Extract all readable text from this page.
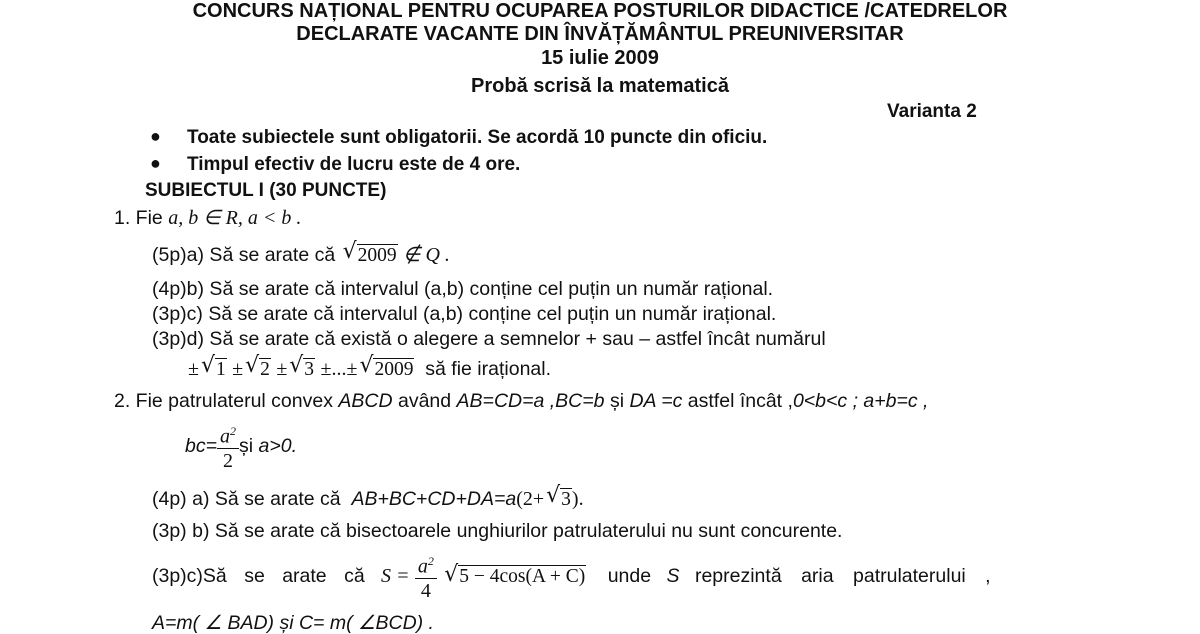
CONCURS NAȚIONAL PENTRU OCUPAREA POSTURILOR DIDACTICE /CATEDRELOR
DECLARATE VACANTE DIN ÎNVĂȚĂMÂNTUL PREUNIVERSITAR
15 iulie 2009
Probă scrisă la matematică
Varianta 2
● Toate subiectele sunt obligatorii. Se acordă 10 puncte din oficiu.
● Timpul efectiv de lucru este de 4 ore.
SUBIECTUL I (30 PUNCTE)
1. Fie a, b ∈ R, a < b .
(5p)a) Să se arate că √ 2009 ∉ Q .
(4p)b) Să se arate că intervalul (a,b) conține cel puțin un număr rațional.
(3p)c) Să se arate că intervalul (a,b) conține cel puțin un număr irațional.
(3p)d) Să se arate că există o alegere a semnelor + sau – astfel încât numărul
± √ 1 ± √ 2 ± √ 3 ±...± √ 2009 să fie irațional.
2. Fie patrulaterul convex ABCD având AB=CD=a ,BC=b și DA =c astfel încât ,0<b<c ; a+b=c ,
$bc= \frac{a^2}{2}$ și a>0.
(4p) a) Să se arate că AB+BC+CD+DA=a(2+ √ 3).
(3p) b) Să se arate că bisectoarele unghiurilor patrulaterului nu sunt concurente.
(3p)c)Să se arate că $S = \frac{a^2}{4}$ √ 5 − 4cos(A + C) unde S reprezintă aria patrulaterului ,
A=m( ∠ BAD) și C= m( ∠BCD) .
